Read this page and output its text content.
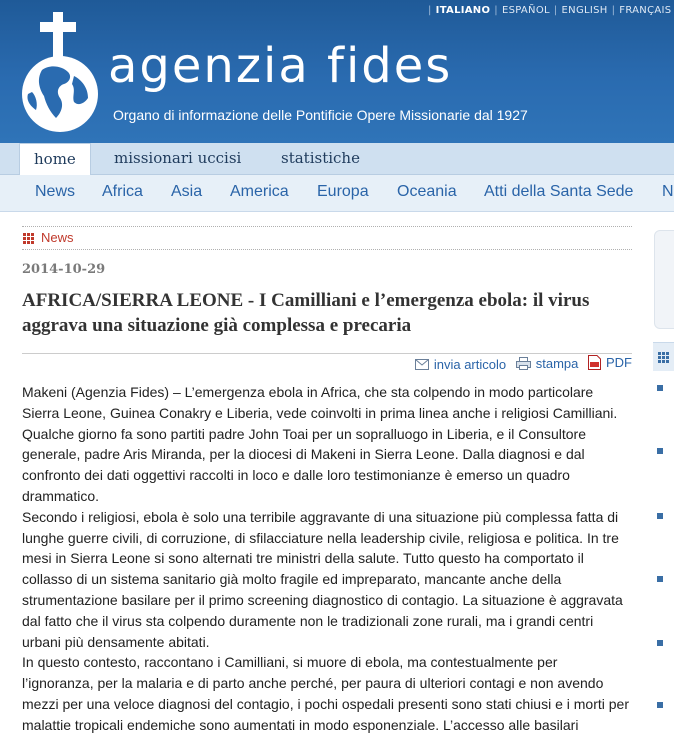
| ITALIANO | ESPAÑOL | ENGLISH | FRANÇAIS
agenzia fides
Organo di informazione delle Pontificie Opere Missionarie dal 1927
home	missionari uccisi	statistiche
News Africa Asia America Europa Oceania Atti della Santa Sede N
News
2014-10-29
AFRICA/SIERRA LEONE - I Camilliani e l’emergenza ebola: il virus aggrava una situazione già complessa e precaria
invia articolo
stampa
PDF

Makeni (Agenzia Fides) – L’emergenza ebola in Africa, che sta colpendo in modo particolare Sierra Leone, Guinea Conakry e Liberia, vede coinvolti in prima linea anche i religiosi Camilliani. Qualche giorno fa sono partiti padre John Toai per un sopralluogo in Liberia, e il Consultore generale, padre Aris Miranda, per la diocesi di Makeni in Sierra Leone. Dalla diagnosi e dal confronto dei dati oggettivi raccolti in loco e dalle loro testimonianze è emerso un quadro drammatico.

Secondo i religiosi, ebola è solo una terribile aggravante di una situazione più complessa fatta di lunghe guerre civili, di corruzione, di sfilacciature nella leadership civile, religiosa e politica. In tre mesi in Sierra Leone si sono alternati tre ministri della salute. Tutto questo ha comportato il collasso di un sistema sanitario già molto fragile ed impreparato, mancante anche della strumentazione basilare per il primo screening diagnostico di contagio. La situazione è aggravata dal fatto che il virus sta colpendo duramente non le tradizionali zone rurali, ma i grandi centri urbani più densamente abitati.

In questo contesto, raccontano i Camilliani, si muore di ebola, ma contestualmente per l’ignoranza, per la malaria e di parto anche perché, per paura di ulteriori contagi e non avendo mezzi per una veloce diagnosi del contagio, i pochi ospedali presenti sono stati chiusi e i morti per malattie tropicali endemiche sono aumentati in modo esponenziale. L’accesso alle basilari
